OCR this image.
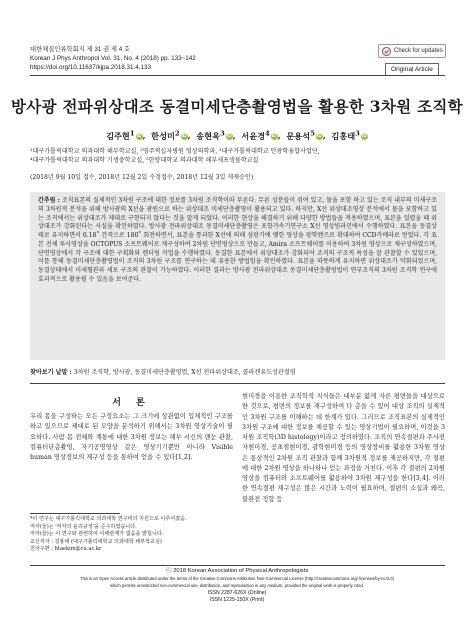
대한체질인류학회지 제 31 권 제 4 호
Korean J Phys Anthropol Vol. 31, No. 4 (2018) pp. 133~142
https://doi.org/10.11637/kjpa.2018.31.4.133
Check for updates
Original Article
방사광 전파위상대조 동결미세단층촬영법을 활용한 3차원 조직학
김주현$^1$ iD,  한성미$^2$ iD,  송현욱$^3$ iD,  서윤경$^4$ iD,  문용석$^5$ iD,  김홍태$^3$ iD
¹대구가톨릭대학교 의과대학 해부학교실, ²영주적십자병원 영상의학과, ³대구가톨릭대학교 안광학융합사업단,
⁴대구가톨릭대학교 의과대학 기생충학교실, ⁵한양대학교 의과대학 해부세포생물학교실
(2018년 9월 10일 접수, 2018년 12월 2일 수정접수, 2018년 12월 3일 게재승인)
간추림 : 조직표본의 실제적인 3차원 구조에 대한 정보를 3차원 조직학이라 부른다. 무른 성분들이 섞여 있고, 물을 포함 하고 있는 조직 내부의 미세구조의 3차원적 분석을 위해 방사광의 X선을 광원으로 하는 위상대조 미세단층촬영이 활용되고 있다. 하지만, X선 위상대조영상 분석에서 물을 포함하고 있는 조직에서는 위상대조가 제대로 구현되지 않다는 것을 알게 되었다. 이러한 현상을 해결하기 위해 다양한 방법들을 적용하였으며, 표본을 얼렸을 때 위상대조가 강화된다는 사실을 확인하였다. 방사광 전파위상대조 동결미세단층촬영은 포항가속기연구소 X선 영상빔라인에서 수행하였다. 표본을 동결상태로 유지하면서 0.18˚ 간격으로 180˚ 회전하면서, 표본을 통과한 X선에 의해 섬광기에 맺힌 영상을 광학렌즈로 확대하여 CCD카메라로 얻었다. 각 표본 전체 투사영상을 OCTOPUS 소프트웨어로 재구성하여 2차원 단면영상으로 만들고, Amira 소프트웨어를 이용하여 3차원 영상으로 재구성하였으며, 단면영상에서 각 구조에 대한 구획화와 렌더링 작업을 수행하였다. 동결한 표본에서 위상대조가 강화되어 조직의 구조적 특성을 잘 관찰할 수 있었으며, 이를 통해 동결미세단층촬영법이 조직의 3차원 구조를 연구하는 데 유용한 방법임을 확인하였다. 표본을 따뜻하게 유지하면 위상대조가 약화되었으며, 동결상태에서 미세혈관과 세포 구조의 관찰이 가능하였다. 이러한 결과는 방사광 전파위상대조 동결미세단층촬영법이 연부조직의 3차원 조직학 연구에 효과적으로 활용될 수 있음을 보여준다.
찾아보기 낱말 : 3차원 조직학, 방사광, 동결미세단층촬영법, X선 전파위상대조, 콜라겐유도성관절염
서 론
우리 몸을 구성하는 모든 구성요소는 그 크기에 상관없이 입체적인 구조를 하고 있으므로 제대로 된 모양을 분석하기 위해서는 3차원 영상기술이 필요하다. 사람 몸 전체와 계통에 대한 3차원 정보는 해부 시신의 맨눈 관찰, 컴퓨터단층촬영, 자기공명영상 같은 영상기기뿐만 아니라 Visible human 영상정보의 재구성 등을 통하여 얻을 수 있다[1,2].
*이 연구는 대구가톨릭대학교 의과대학 연구비의 지원으로 이루어졌음.
저자(들)는 '저자의 윤리규정'을 준수하였습니다.
저자(들)는 이 연구와 관련하여 이해관계가 없음을 밝힙니다.
교신저자 : 김홍태 (대구가톨릭대학교 의과대학 해부학교실)
전자우편 : htaekim@cu.ac.kr
현미경을 이용한 조직학적 지식들은 대부분 얇게 자른 평면들을 대상으로 한 것으로, 평면의 정보를 재구성하여 다 층을 수 있어 대상 조직의 실제적인 3차원 구조를 이해하는 데 한계가 있다. 그러므로 조직표본의 실제적인 3차원 구조에 대한 정보를 제공할 수 있는 영상기법이 필요하며, 이것을 3차원 조직학(3D histology)이라고 정의하였다. 조직의 연속절편과 주사전자현미경, 공초점현미경, 광학현미경 등의 영상장비를 활용한 3차원 영상은 통상적인 2차원 조직 관찰과 함께 3차원적 정보를 제공하지만, 각 절편에 대한 2차원 영상을 하나하나 얻는 과정을 거친다. 이후 각 절편의 2차원 영상을 컴퓨터와 소프트웨어를 활용하여 3차원 재구성을 한다[3,4]. 이러한 연속절편 재구성은 많은 시간과 노력이 필요하며, 절편의 소실과 왜곡, 불완전 정합 등
ⓒ 2018 Korean Association of Physical Anthropologists
This is an Open Access article distributed under the terms of the Creative Commons Attribution Non-Commercial License (http://creativecommons.org/ licenses/by-nc/3.0)
which permits unrestricted non-commercial use, distribution, and reproduction in any medium, provided the original work is properly cited.
ISSN 2287-626X (Online)
ISSN 1225-150X (Print)
